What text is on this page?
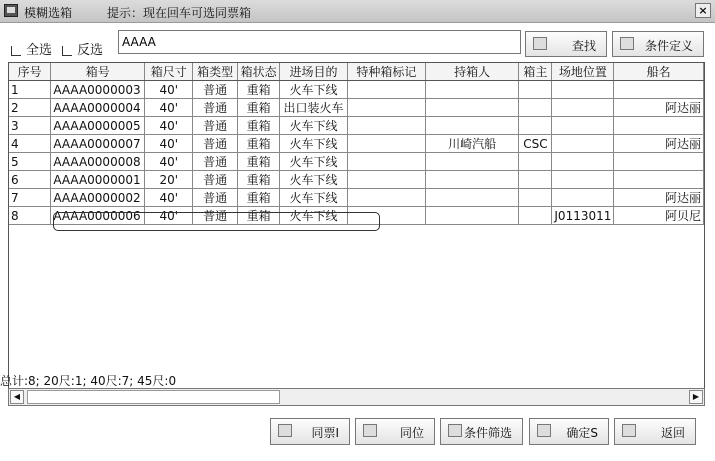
模糊选箱	提示：现在回车可选同票箱	×
全选	反选
AAAA	查找	条件定义
序号	箱号	箱尺寸	箱类型	箱状态	进场目的	特种箱标记	持箱人	箱主	场地位置	船名
1	AAAA0000003	40'	普通	重箱	火车下线					
2	AAAA0000004	40'	普通	重箱	出口装火车					阿达丽
3	AAAA0000005	40'	普通	重箱	火车下线					
4	AAAA0000007	40'	普通	重箱	火车下线		川崎汽船	CSC		阿达丽
5	AAAA0000008	40'	普通	重箱	火车下线					
6	AAAA0000001	20'	普通	重箱	火车下线					
7	AAAA0000002	40'	普通	重箱	火车下线					阿达丽
8	AAAA0000006	40'	普通	重箱	火车下线				J0113011	阿贝尼

总计:8; 20尺:1; 40尺:7; 45尺:0
◀	▶
同票I	同位	条件筛选	确定S	返回
